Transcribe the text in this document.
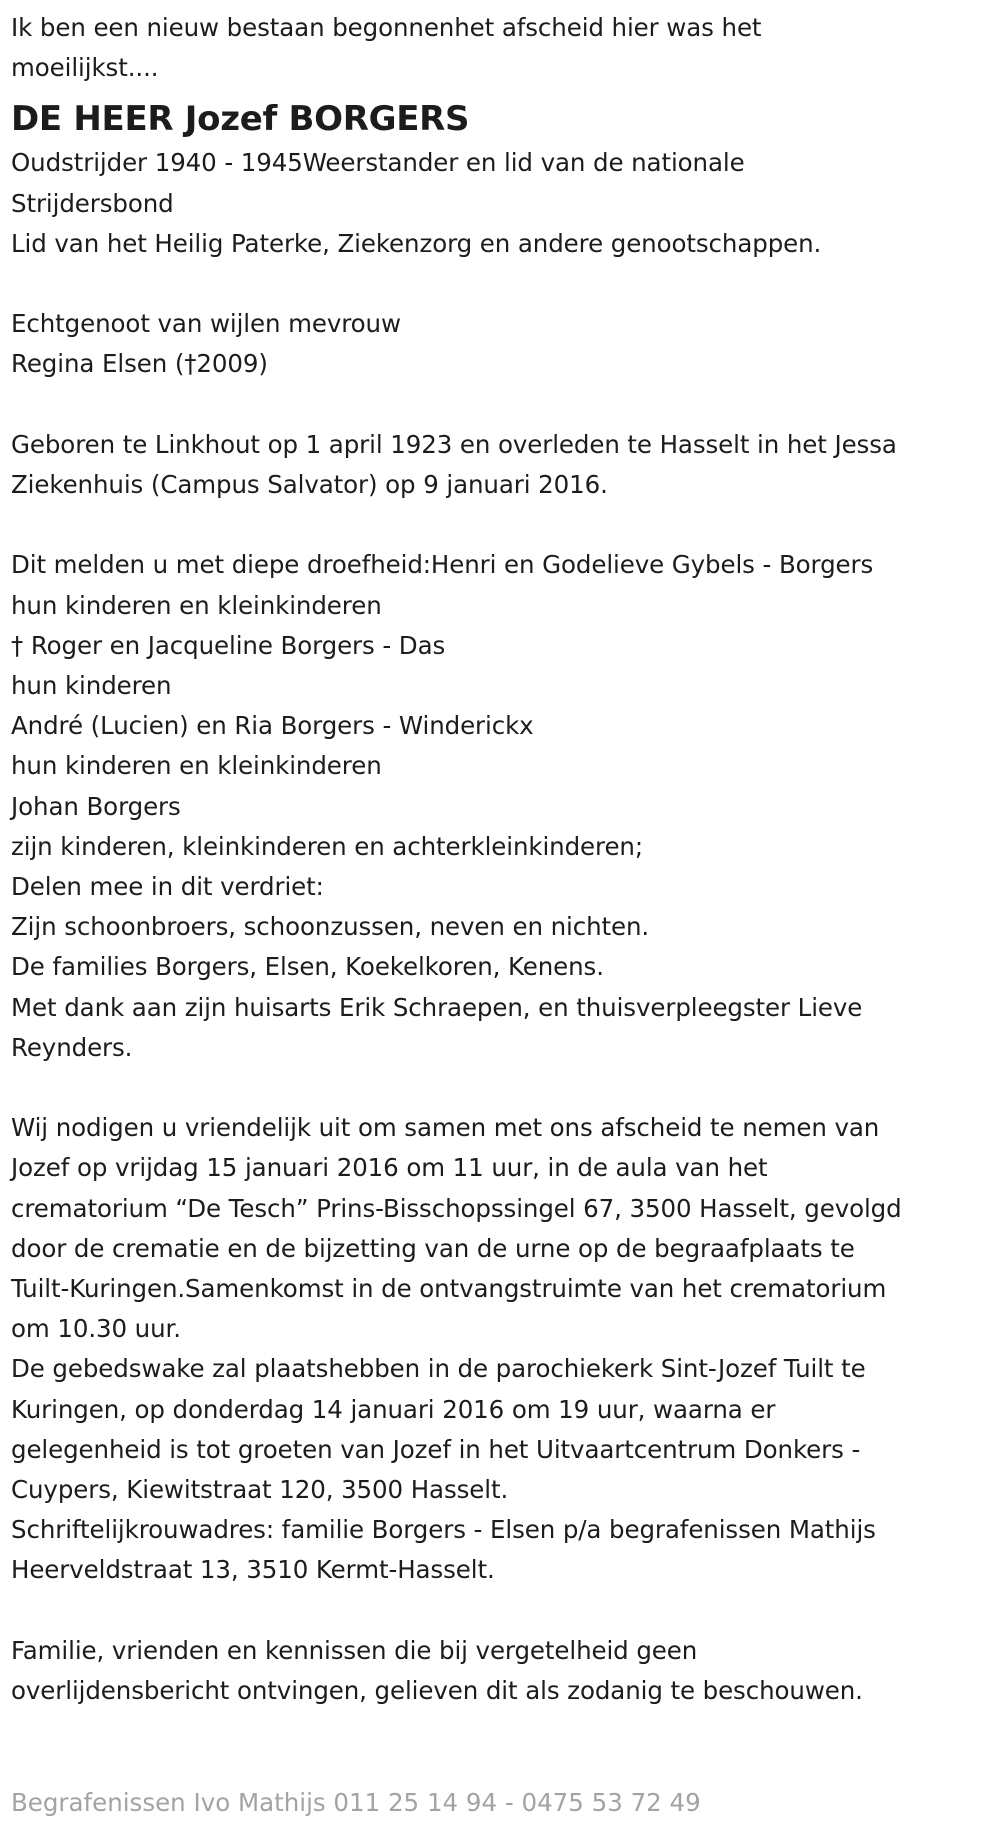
Ik ben een nieuw bestaan begonnenhet afscheid hier was het
moeilijkst....
DE HEER Jozef BORGERS
Oudstrijder 1940 - 1945Weerstander en lid van de nationale
Strijdersbond
Lid van het Heilig Paterke, Ziekenzorg en andere genootschappen.
Echtgenoot van wijlen mevrouw
Regina Elsen (†2009)
Geboren te Linkhout op 1 april 1923 en overleden te Hasselt in het Jessa
Ziekenhuis (Campus Salvator) op 9 januari 2016.
Dit melden u met diepe droefheid:Henri en Godelieve Gybels - Borgers
hun kinderen en kleinkinderen
† Roger en Jacqueline Borgers - Das
hun kinderen
André (Lucien) en Ria Borgers - Winderickx
hun kinderen en kleinkinderen
Johan Borgers
zijn kinderen, kleinkinderen en achterkleinkinderen;
Delen mee in dit verdriet:
Zijn schoonbroers, schoonzussen, neven en nichten.
De families Borgers, Elsen, Koekelkoren, Kenens.
Met dank aan zijn huisarts Erik Schraepen, en thuisverpleegster Lieve
Reynders.
Wij nodigen u vriendelijk uit om samen met ons afscheid te nemen van
Jozef op vrijdag 15 januari 2016 om 11 uur, in de aula van het
crematorium “De Tesch” Prins-Bisschopssingel 67, 3500 Hasselt, gevolgd
door de crematie en de bijzetting van de urne op de begraafplaats te
Tuilt-Kuringen.Samenkomst in de ontvangstruimte van het crematorium
om 10.30 uur.
De gebedswake zal plaatshebben in de parochiekerk Sint-Jozef Tuilt te
Kuringen, op donderdag 14 januari 2016 om 19 uur, waarna er
gelegenheid is tot groeten van Jozef in het Uitvaartcentrum Donkers -
Cuypers, Kiewitstraat 120, 3500 Hasselt.
Schriftelijkrouwadres: familie Borgers - Elsen p/a begrafenissen Mathijs
Heerveldstraat 13, 3510 Kermt-Hasselt.
Familie, vrienden en kennissen die bij vergetelheid geen
overlijdensbericht ontvingen, gelieven dit als zodanig te beschouwen.
Begrafenissen Ivo Mathijs 011 25 14 94 - 0475 53 72 49
